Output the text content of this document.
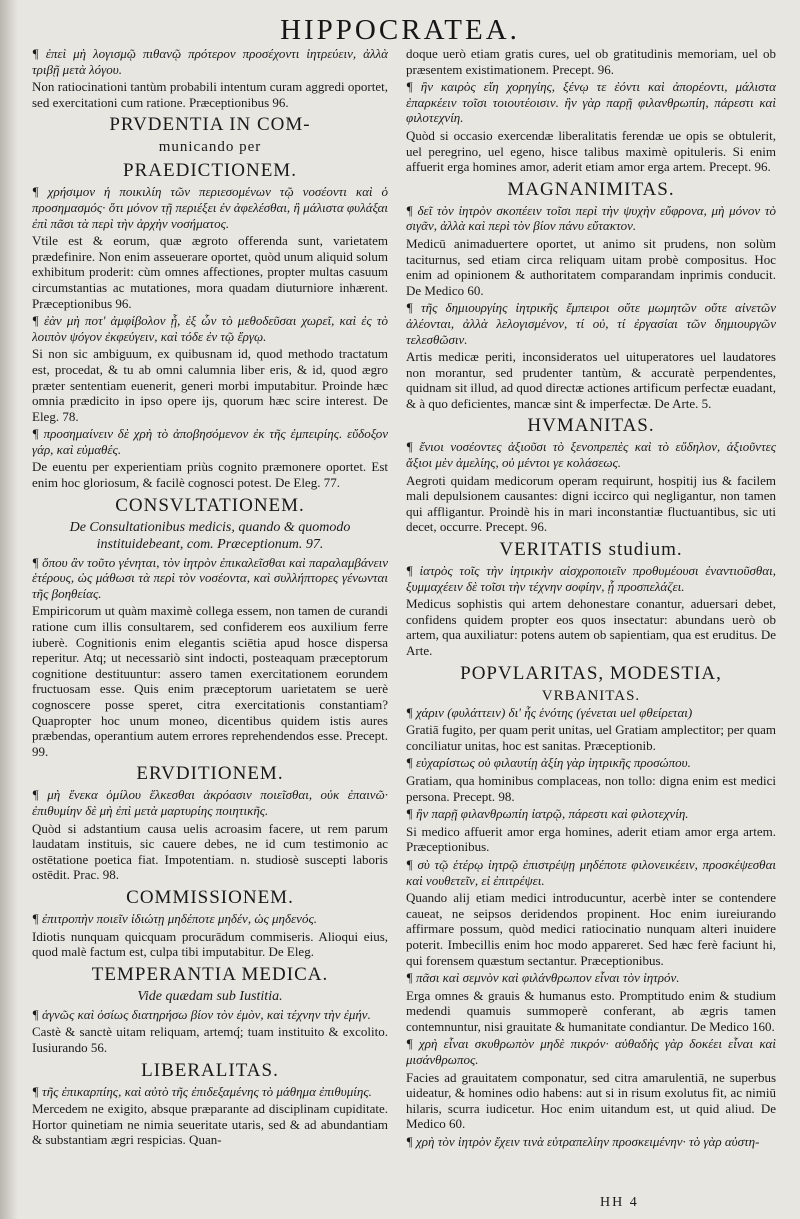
HIPPOCRATEA.
¶ ἐπεὶ μὴ λογισμῷ πιθανῷ πρότερον προσέχοντι ἰητρεύειν, ἀλλὰ τριβῇ μετὰ λόγου.
Non ratiocinationi tantùm probabili intentum curam aggredi oportet, sed exercitationi cum ratione. Præceptionibus 96.
PRVDENTIA IN COM-
municando per
PRAEDICTIONEM.
¶ χρήσιμον ἡ ποικιλίη τῶν περιεσομένων τῷ νοσέοντι καὶ ὁ προσημασμός· ὅτι μόνον τῇ περιέξει ἐν ἀφελέσθαι, ἢ μάλιστα φυλάξαι ἐπὶ πᾶσι τὰ περὶ τὴν ἀρχὴν νοσήματος.
Vtile est & eorum, quæ ægroto offerenda sunt, varietatem prædefinire. Non enim asseuerare oportet, quòd unum aliquid solum exhibitum proderit: cùm omnes affectiones, propter multas casuum circumstantias ac mutationes, mora quadam diuturniore inhærent. Præceptionibus 96.
¶ ἐὰν μὴ ποτ' ἀμφίβολον ᾖ, ἐξ ὧν τὸ μεθοδεῦσαι χωρεῖ, καὶ ἐς τὸ λοιπὸν ψόγον ἐκφεύγειν, καὶ τόδε ἐν τῷ ἔργῳ.
Si non sic ambiguum, ex quibusnam id, quod methodo tractatum est, procedat, & tu ab omni calumnia liber eris, & id, quod ægro præter sententiam euenerit, generi morbi imputabitur. Proinde hæc omnia prædicito in ipso opere ijs, quorum hæc scire interest. De Eleg. 78.
¶ προσημαίνειν δὲ χρὴ τὸ ἀποβησόμενον ἐκ τῆς ἐμπειρίης. εὔδοξον γάρ, καὶ εὐμαθές.
De euentu per experientiam priùs cognito præmonere oportet. Est enim hoc gloriosum, & facilè cognosci potest. De Eleg. 77.
CONSVLTATIONEM.
De Consultationibus medicis, quando & quomodo instituidebeant, com. Præceptionum. 97.
¶ ὅπου ἂν τοῦτο γένηται, τὸν ἰητρὸν ἐπικαλεῖσθαι καὶ παραλαμβάνειν ἑτέρους, ὡς μάθωσι τὰ περὶ τὸν νοσέοντα, καὶ συλλήπτορες γένωνται τῆς βοηθείας.
Empiricorum ut quàm maximè collega essem, non tamen de curandi ratione cum illis consultarem, sed confiderem eos auxilium ferre iuberè. Cognitionis enim elegantis sciētia apud hosce dispersa reperitur. Atq; ut necessariò sint indocti, posteaquam præceptorum cognitione destituuntur: assero tamen exercitationem eorundem fructuosam esse. Quis enim præceptorum uarietatem se uerè cognoscere posse speret, citra exercitationis constantiam? Quapropter hoc unum moneo, dicentibus quidem istis aures præbendas, operantium autem errores reprehendendos esse. Precept. 99.
ERVDITIONEM.
¶ μὴ ἕνεκα ὁμίλου ἕλκεσθαι ἀκρόασιν ποιεῖσθαι, οὐκ ἐπαινῶ· ἐπιθυμίην δὲ μὴ ἐπὶ μετὰ μαρτυρίης ποιητικῆς.
Quòd si adstantium causa uelis acroasim facere, ut rem parum laudatam instituis, sic cauere debes, ne id cum testimonio ac ostētatione poetica fiat. Impotentiam. n. studiosè suscepti laboris ostēdit. Prac. 98.
COMMISSIONEM.
¶ ἐπιτροπὴν ποιεῖν ἰδιώτῃ μηδέποτε μηδέν, ὡς μηδενός.
Idiotis nunquam quicquam procurādum commiseris. Alioqui eius, quod malè factum est, culpa tibi imputabitur. De Eleg.
TEMPERANTIA MEDICA.
Vide quædam sub Iustitia.
¶ ἁγνῶς καὶ ὁσίως διατηρήσω βίον τὸν ἐμὸν, καὶ τέχνην τὴν ἐμήν.
Castè & sanctè uitam reliquam, artemq́; tuam instituito & excolito. Iusiurando 56.
LIBERALITAS.
¶ τῆς ἐπικαρπίης, καὶ αὐτὸ τῆς ἐπιδεξαμένης τὸ μάθημα ἐπιθυμίης.
Mercedem ne exigito, absque præparante ad disciplinam cupiditate. Hortor quinetiam ne nimia seueritate utaris, sed & ad abundantiam & substantiam ægri respicias. Quan-
doque uerò etiam gratis cures, uel ob gratitudinis memoriam, uel ob præsentem existimationem. Precept. 96.
¶ ἢν καιρὸς εἴη χορηγίης, ξένῳ τε ἐόντι καὶ ἀπορέοντι, μάλιστα ἐπαρκέειν τοῖσι τοιουτέοισιν. ἢν γὰρ παρῇ φιλανθρωπίη, πάρεστι καὶ φιλοτεχνίη.
Quòd si occasio exercendæ liberalitatis ferendæ ue opis se obtulerit, uel peregrino, uel egeno, hisce talibus maximè opituleris. Si enim affuerit erga homines amor, aderit etiam amor erga artem. Precept. 96.
MAGNANIMITAS.
¶ δεῖ τὸν ἰητρὸν σκοπέειν τοῖσι περὶ τὴν ψυχὴν εὔφρονα, μὴ μόνον τὸ σιγᾶν, ἀλλὰ καὶ περὶ τὸν βίον πάνυ εὔτακτον.
Medicū animaduertere oportet, ut animo sit prudens, non solùm taciturnus, sed etiam circa reliquam uitam probè compositus. Hoc enim ad opinionem & authoritatem comparandam inprimis conducit. De Medico 60.
¶ τῆς δημιουργίης ἰητρικῆς ἔμπειροι οὔτε μωμητῶν οὔτε αἰνετῶν ἀλέονται, ἀλλὰ λελογισμένον, τί οὐ, τί ἐργασίαι τῶν δημιουργῶν τελεσθῶσιν.
Artis medicæ periti, inconsideratos uel uituperatores uel laudatores non morantur, sed prudenter tantùm, & accuratè perpendentes, quidnam sit illud, ad quod directæ actiones artificum perfectæ euadant, & à quo deficientes, mancæ sint & imperfectæ. De Arte. 5.
HVMANITAS.
¶ ἔνιοι νοσέοντες ἀξιοῦσι τὸ ξενοπρεπὲς καὶ τὸ εὔδηλον, ἀξιοῦντες ἄξιοι μὲν ἀμελίης, οὐ μέντοι γε κολάσεως.
Aegroti quidam medicorum operam requirunt, hospitij ius & facilem mali depulsionem causantes: digni iccirco qui negligantur, non tamen qui affligantur. Proindè his in mari inconstantiæ fluctuantibus, sic uti decet, occurre. Precept. 96.
VERITATIS studium.
¶ ἰατρὸς τοῖς τὴν ἰητρικὴν αἰσχροποιεῖν προθυμέουσι ἐναντιοῦσθαι, ξυμμαχέειν δὲ τοῖσι τὴν τέχνην σοφίην, ᾗ προσπελάζει.
Medicus sophistis qui artem dehonestare conantur, aduersari debet, confidens quidem propter eos quos insectatur: abundans uerò ob artem, qua auxiliatur: potens autem ob sapientiam, qua est eruditus. De Arte.
POPVLARITAS, MODESTIA,
VRBANITAS.
¶ χάριν (φυλάττειν) δι' ἧς ἑνότης (γένεται uel φθείρεται)
Gratiā fugito, per quam perit unitas, uel Gratiam amplectitor; per quam conciliatur unitas, hoc est sanitas. Præceptionib.
¶ εὐχαρίστως οὐ φιλαυτίῃ ἀξίη γὰρ ἰητρικῆς προσώπου.
Gratiam, qua hominibus complaceas, non tollo: digna enim est medici persona. Precept. 98.
¶ ἢν παρῇ φιλανθρωπίη ἰατρῷ, πάρεστι καὶ φιλοτεχνίη.
Si medico affuerit amor erga homines, aderit etiam amor erga artem. Præceptionibus.
¶ σὺ τῷ ἑτέρῳ ἰητρῷ ἐπιστρέψῃ μηδέποτε φιλονεικέειν, προσκέψεσθαι καὶ νουθετεῖν, εἰ ἐπιτρέψει.
Quando alij etiam medici introducuntur, acerbè inter se contendere caueat, ne seipsos deridendos propinent. Hoc enim iureiurando affirmare possum, quòd medici ratiocinatio nunquam alteri inuidere poterit. Imbecillis enim hoc modo appareret. Sed hæc ferè faciunt hi, qui forensem quæstum sectantur. Præceptionibus.
¶ πᾶσι καὶ σεμνὸν καὶ φιλάνθρωπον εἶναι τὸν ἰητρόν.
Erga omnes & grauis & humanus esto. Promptitudo enim & studium medendi quamuis summoperè conferant, ab ægris tamen contemnuntur, nisi grauitate & humanitate condiantur. De Medico 160.
¶ χρὴ εἶναι σκυθρωπὸν μηδὲ πικρόν· αὐθαδὴς γὰρ δοκέει εἶναι καὶ μισάνθρωπος.
Facies ad grauitatem componatur, sed citra amarulentiā, ne superbus uideatur, & homines odio habens: aut si in risum exolutus fit, ac nimiū hilaris, scurra iudicetur. Hoc enim uitandum est, ut quid aliud. De Medico 60.
¶ χρὴ τὸν ἰητρὸν ἔχειν τινὰ εὐτραπελίην προσκειμένην· τὸ γὰρ αὐστη-
HH 4
